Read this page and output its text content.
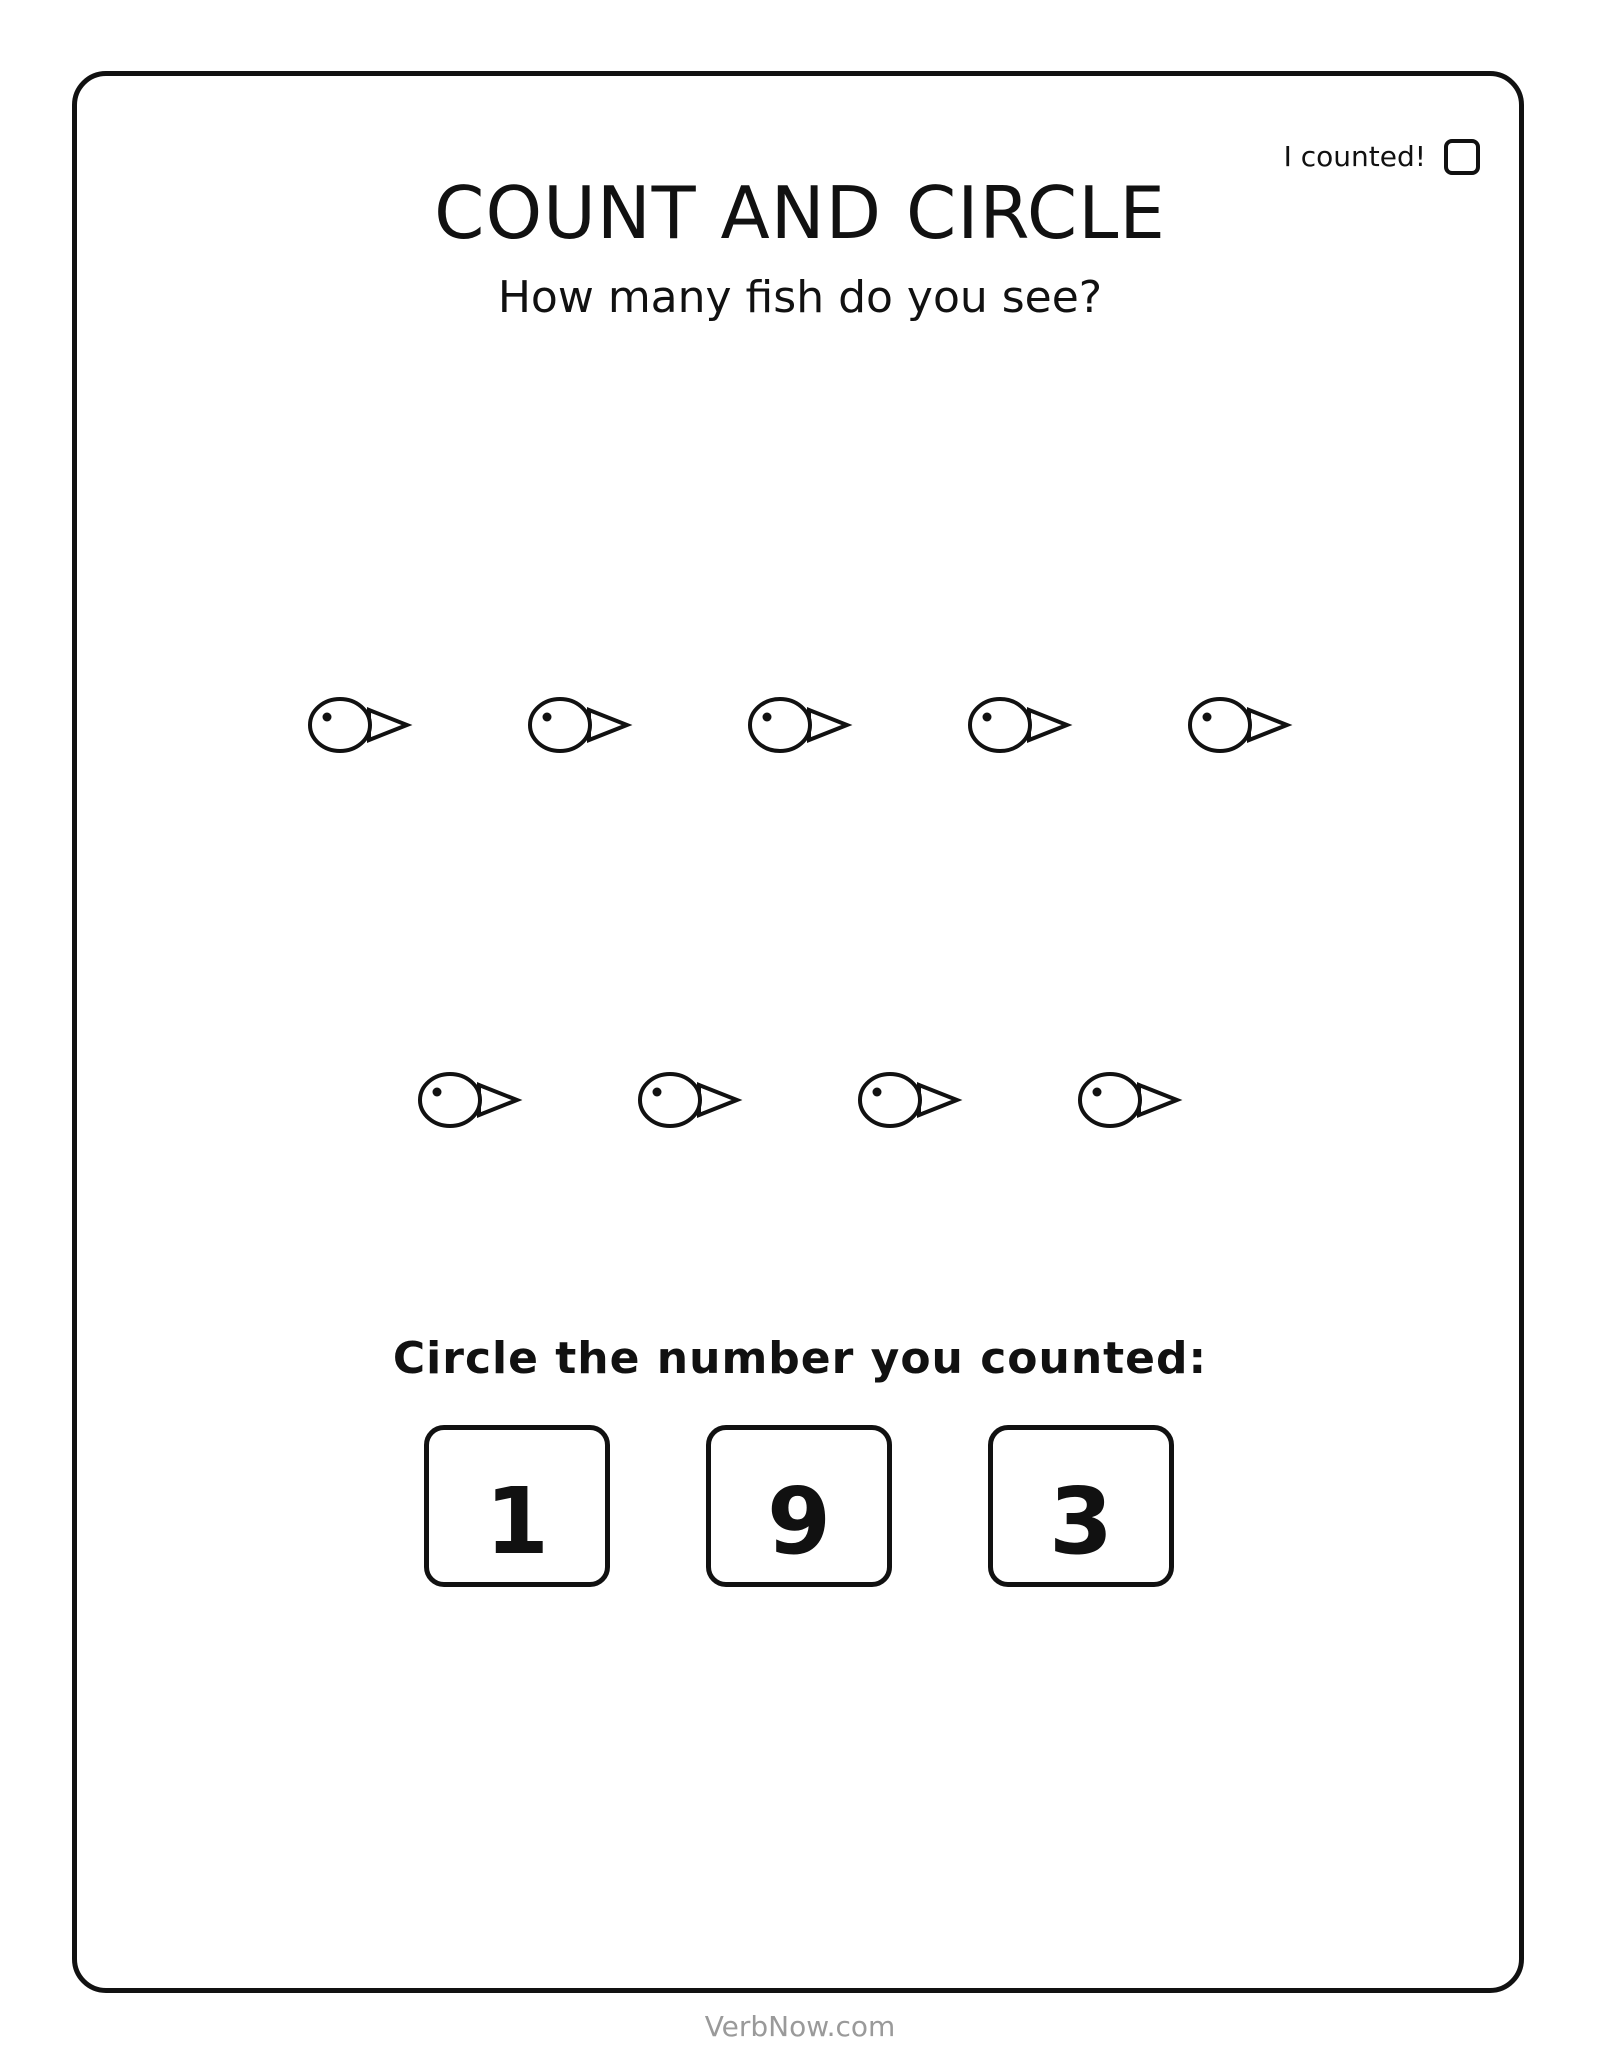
I counted!
COUNT AND CIRCLE
How many fish do you see?
Circle the number you counted:
1	9	3
VerbNow.com
